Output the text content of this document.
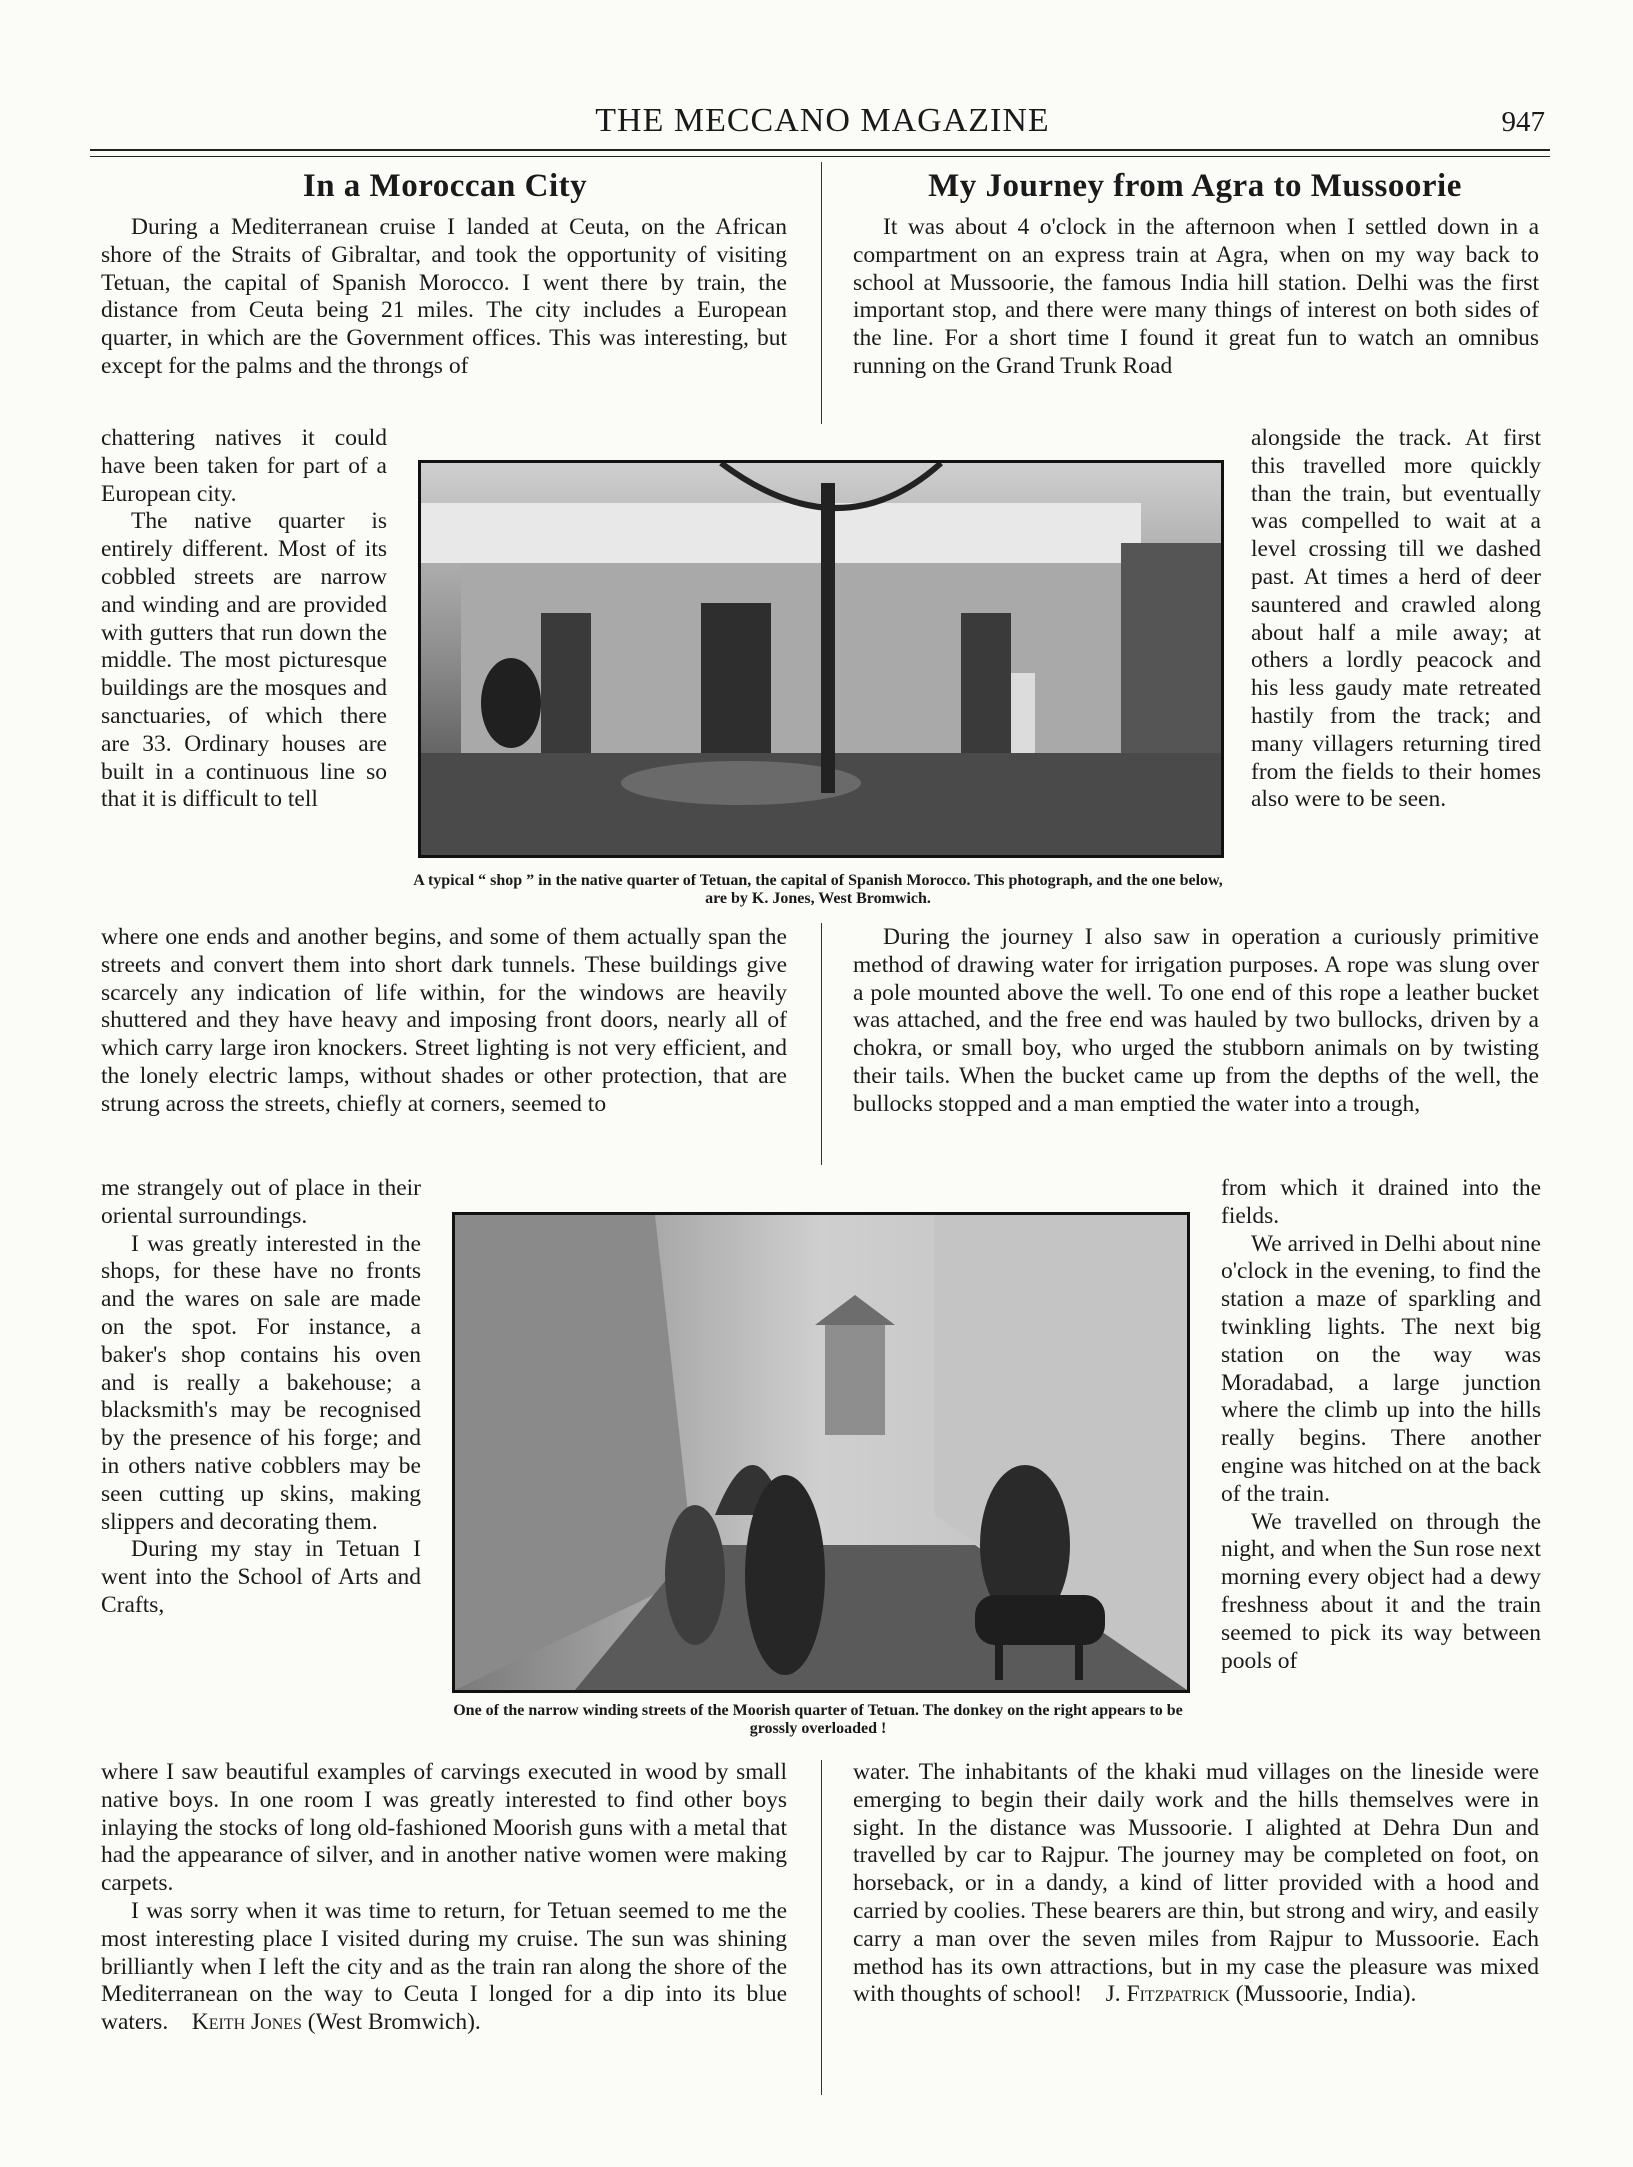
THE MECCANO MAGAZINE	947
In a Moroccan City

During a Mediterranean cruise I landed at Ceuta, on the African shore of the Straits of Gibraltar, and took the opportunity of visiting Tetuan, the capital of Spanish Morocco. I went there by train, the distance from Ceuta being 21 miles. The city includes a European quarter, in which are the Government offices. This was interesting, but except for the palms and the throngs of

chattering natives it could have been taken for part of a European city.

The native quarter is entirely different. Most of its cobbled streets are narrow and winding and are provided with gutters that run down the middle. The most picturesque buildings are the mosques and sanctuaries, of which there are 33. Ordinary houses are built in a continuous line so that it is difficult to tell

where one ends and another begins, and some of them actually span the streets and convert them into short dark tunnels. These buildings give scarcely any indication of life within, for the windows are heavily shuttered and they have heavy and imposing front doors, nearly all of which carry large iron knockers. Street lighting is not very efficient, and the lonely electric lamps, without shades or other protection, that are strung across the streets, chiefly at corners, seemed to

me strangely out of place in their oriental surroundings.

I was greatly interested in the shops, for these have no fronts and the wares on sale are made on the spot. For instance, a baker's shop contains his oven and is really a bakehouse; a blacksmith's may be recognised by the presence of his forge; and in others native cobblers may be seen cutting up skins, making slippers and decorating them.

During my stay in Tetuan I went into the School of Arts and Crafts,

where I saw beautiful examples of carvings executed in wood by small native boys. In one room I was greatly interested to find other boys inlaying the stocks of long old-fashioned Moorish guns with a metal that had the appearance of silver, and in another native women were making carpets.

I was sorry when it was time to return, for Tetuan seemed to me the most interesting place I visited during my cruise. The sun was shining brilliantly when I left the city and as the train ran along the shore of the Mediterranean on the way to Ceuta I longed for a dip into its blue waters. Keith Jones (West Bromwich).

My Journey from Agra to Mussoorie

It was about 4 o'clock in the afternoon when I settled down in a compartment on an express train at Agra, when on my way back to school at Mussoorie, the famous India hill station. Delhi was the first important stop, and there were many things of interest on both sides of the line. For a short time I found it great fun to watch an omnibus running on the Grand Trunk Road

alongside the track. At first this travelled more quickly than the train, but eventually was compelled to wait at a level crossing till we dashed past. At times a herd of deer sauntered and crawled along about half a mile away; at others a lordly peacock and his less gaudy mate retreated hastily from the track; and many villagers returning tired from the fields to their homes also were to be seen.

During the journey I also saw in operation a curiously primitive method of drawing water for irrigation purposes. A rope was slung over a pole mounted above the well. To one end of this rope a leather bucket was attached, and the free end was hauled by two bullocks, driven by a chokra, or small boy, who urged the stubborn animals on by twisting their tails. When the bucket came up from the depths of the well, the bullocks stopped and a man emptied the water into a trough,

from which it drained into the fields.

We arrived in Delhi about nine o'clock in the evening, to find the station a maze of sparkling and twinkling lights. The next big station on the way was Moradabad, a large junction where the climb up into the hills really begins. There another engine was hitched on at the back of the train.

We travelled on through the night, and when the Sun rose next morning every object had a dewy freshness about it and the train seemed to pick its way between pools of

water. The inhabitants of the khaki mud villages on the lineside were emerging to begin their daily work and the hills themselves were in sight. In the distance was Mussoorie. I alighted at Dehra Dun and travelled by car to Rajpur. The journey may be completed on foot, on horseback, or in a dandy, a kind of litter provided with a hood and carried by coolies. These bearers are thin, but strong and wiry, and easily carry a man over the seven miles from Rajpur to Mussoorie. Each method has its own attractions, but in my case the pleasure was mixed with thoughts of school! J. Fitzpatrick (Mussoorie, India).

A typical “ shop ” in the native quarter of Tetuan, the capital of Spanish Morocco. This photograph, and the one below, are by K. Jones, West Bromwich.
One of the narrow winding streets of the Moorish quarter of Tetuan. The donkey on the right appears to be grossly overloaded !
